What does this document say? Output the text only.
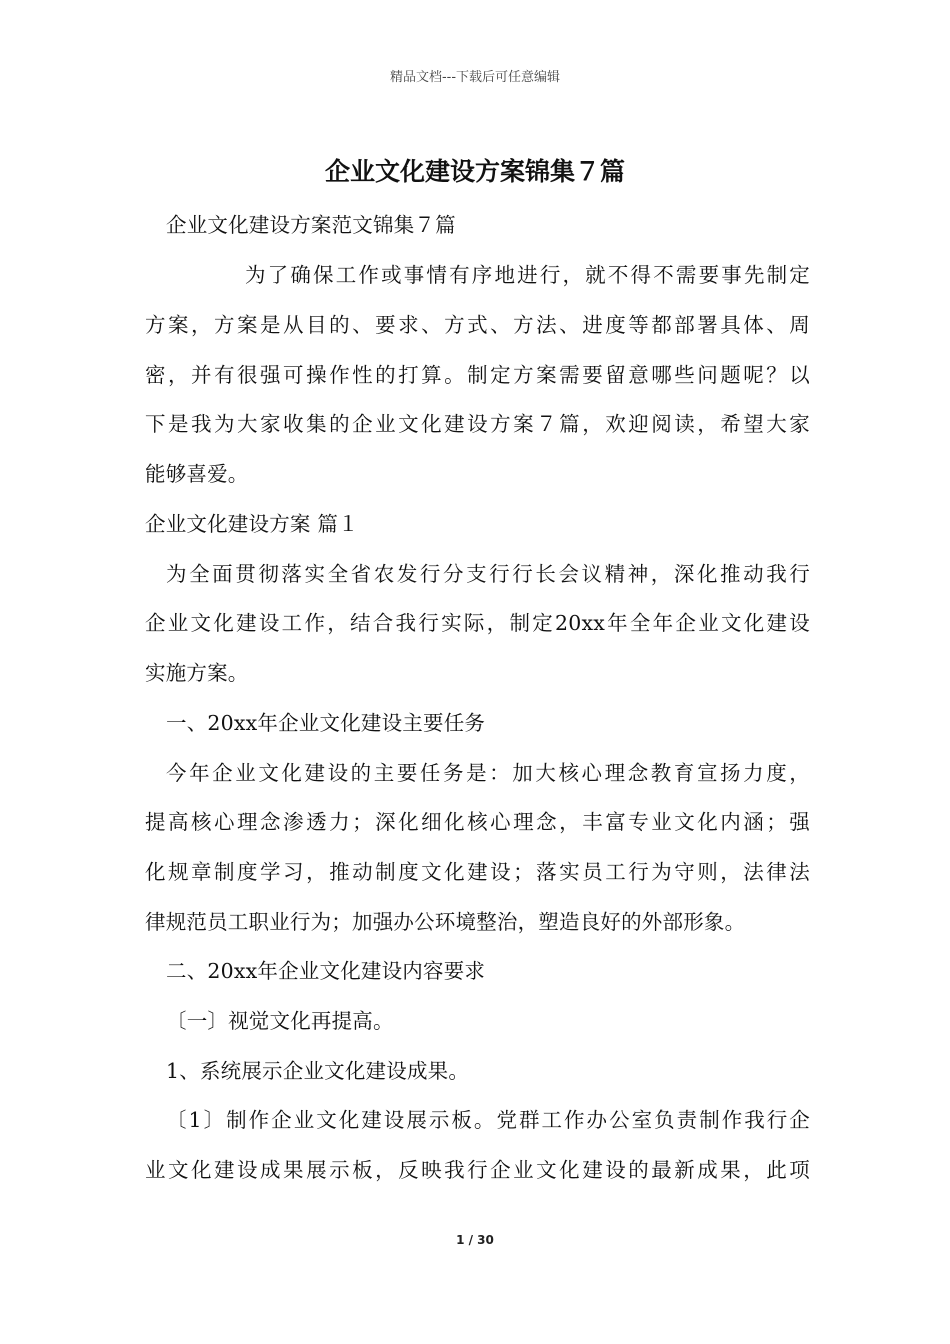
精品文档---下载后可任意编辑
企业文化建设方案锦集７篇
企业文化建设方案范文锦集７篇
为了确保工作或事情有序地进行，就不得不需要事先制定
方案，方案是从目的、要求、方式、方法、进度等都部署具体、周
密，并有很强可操作性的打算。制定方案需要留意哪些问题呢？以
下是我为大家收集的企业文化建设方案７篇，欢迎阅读，希望大家
能够喜爱。
企业文化建设方案 篇１
为全面贯彻落实全省农发行分支行行长会议精神，深化推动我行
企业文化建设工作，结合我行实际，制定20xx年全年企业文化建设
实施方案。
一、20xx年企业文化建设主要任务
今年企业文化建设的主要任务是：加大核心理念教育宣扬力度，
提高核心理念渗透力；深化细化核心理念，丰富专业文化内涵；强
化规章制度学习，推动制度文化建设；落实员工行为守则，法律法
律规范员工职业行为；加强办公环境整治，塑造良好的外部形象。
二、20xx年企业文化建设内容要求
〔一〕视觉文化再提高。
1、系统展示企业文化建设成果。
〔1〕制作企业文化建设展示板。党群工作办公室负责制作我行企
业文化建设成果展示板，反映我行企业文化建设的最新成果，此项
1 / 30
